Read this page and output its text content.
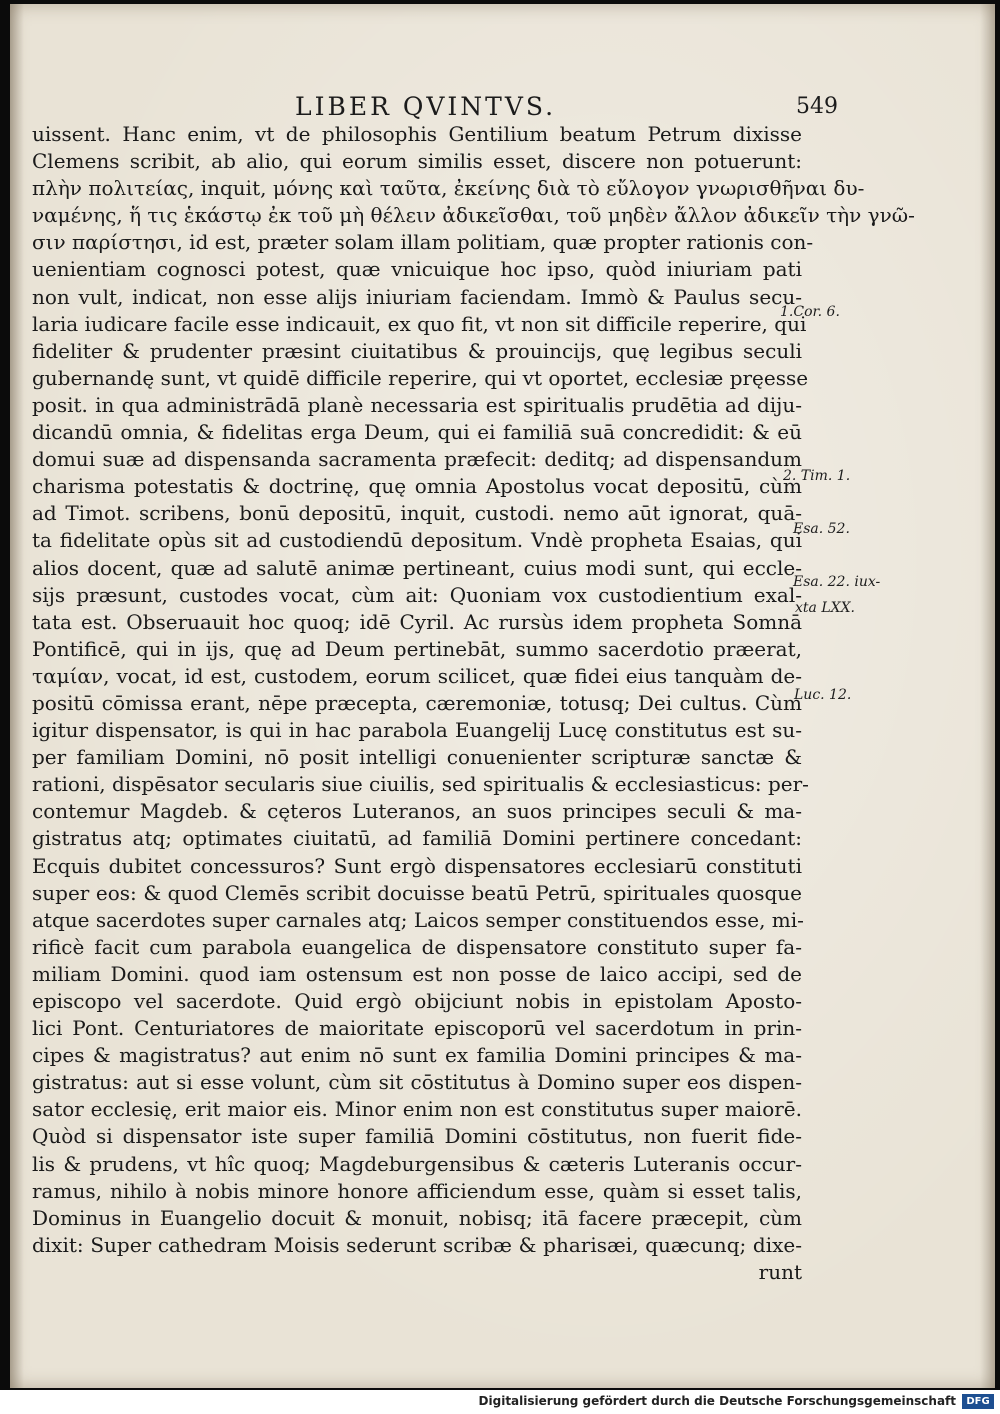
LIBER QVINTVS.	549
uissent. Hanc enim, vt de philosophis Gentilium beatum Petrum dixisse
Clemens scribit, ab alio, qui eorum similis esset, discere non potuerunt:
πλὴν πολιτείας, inquit, μόνης καὶ ταῦτα, ἐκείνης διὰ τὸ εὔλογον γνωρισθῆναι δυ-
ναμένης, ἥ τις ἑκάστῳ ἐκ τοῦ μὴ θέλειν ἀδικεῖσθαι, τοῦ μηδὲν ἄλλον ἀδικεῖν τὴν γνῶ-
σιν παρίστησι, id est, præter solam illam politiam, quæ propter rationis con-
uenientiam cognosci potest, quæ vnicuique hoc ipso, quòd iniuriam pati
non vult, indicat, non esse alijs iniuriam faciendam. Immò & Paulus secu-
laria iudicare facile esse indicauit, ex quo fit, vt non sit difficile reperire, qui
fideliter & prudenter præsint ciuitatibus & prouincijs, quę legibus seculi
gubernandę sunt, vt quidē difficile reperire, qui vt oportet, ecclesiæ pręesse
posit. in qua administrādā planè necessaria est spiritualis prudētia ad diju-
dicandū omnia, & fidelitas erga Deum, qui ei familiā suā concredidit: & eū
domui suæ ad dispensanda sacramenta præfecit: deditq; ad dispensandum
charisma potestatis & doctrinę, quę omnia Apostolus vocat depositū, cùm
ad Timot. scribens, bonū depositū, inquit, custodi. nemo aūt ignorat, quā-
ta fidelitate opùs sit ad custodiendū depositum. Vndè propheta Esaias, qui
alios docent, quæ ad salutē animæ pertineant, cuius modi sunt, qui eccle-
sijs præsunt, custodes vocat, cùm ait: Quoniam vox custodientium exal-
tata est. Obseruauit hoc quoq; idē Cyril. Ac rursùs idem propheta Somnā
Pontificē, qui in ijs, quę ad Deum pertinebāt, summo sacerdotio præerat,
ταμίαν, vocat, id est, custodem, eorum scilicet, quæ fidei eius tanquàm de-
positū cōmissa erant, nēpe præcepta, cæremoniæ, totusq; Dei cultus. Cùm
igitur dispensator, is qui in hac parabola Euangelij Lucę constitutus est su-
per familiam Domini, nō posit intelligi conuenienter scripturæ sanctæ &
rationi, dispēsator secularis siue ciuilis, sed spiritualis & ecclesiasticus: per-
contemur Magdeb. & cęteros Luteranos, an suos principes seculi & ma-
gistratus atq; optimates ciuitatū, ad familiā Domini pertinere concedant:
Ecquis dubitet concessuros? Sunt ergò dispensatores ecclesiarū constituti
super eos: & quod Clemēs scribit docuisse beatū Petrū, spirituales quosque
atque sacerdotes super carnales atq; Laicos semper constituendos esse, mi-
rificè facit cum parabola euangelica de dispensatore constituto super fa-
miliam Domini. quod iam ostensum est non posse de laico accipi, sed de
episcopo vel sacerdote. Quid ergò obijciunt nobis in epistolam Aposto-
lici Pont. Centuriatores de maioritate episcoporū vel sacerdotum in prin-
cipes & magistratus? aut enim nō sunt ex familia Domini principes & ma-
gistratus: aut si esse volunt, cùm sit cōstitutus à Domino super eos dispen-
sator ecclesię, erit maior eis. Minor enim non est constitutus super maiorē.
Quòd si dispensator iste super familiā Domini cōstitutus, non fuerit fide-
lis & prudens, vt hîc quoq; Magdeburgensibus & cæteris Luteranis occur-
ramus, nihilo à nobis minore honore afficiendum esse, quàm si esset talis,
Dominus in Euangelio docuit & monuit, nobisq; itā facere præcepit, cùm
dixit: Super cathedram Moisis sederunt scribæ & pharisæi, quæcunq; dixe-
runt
1.Cor. 6.
2. Tim. 1.
Esa. 52.
Esa. 22. iux-
xta LXX.
Luc. 12.
Digitalisierung gefördert durch die Deutsche Forschungsgemeinschaft	DFG
